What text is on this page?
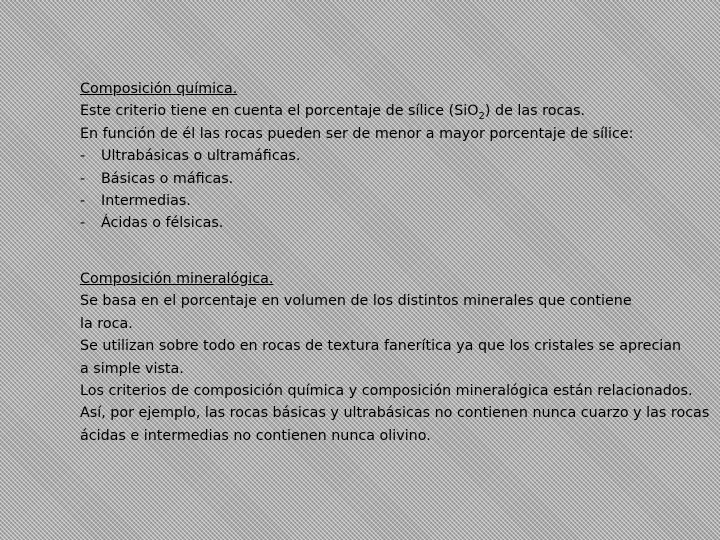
Composición química.
Este criterio tiene en cuenta el porcentaje de sílice (SiO$_2$) de las rocas.
En función de él las rocas pueden ser de menor a mayor porcentaje de sílice:
-	Ultrabásicas o ultramáficas.
-	Básicas o máficas.
-	Intermedias.
-	Ácidas o félsicas.
Composición mineralógica.
Se basa en el porcentaje en volumen de los distintos minerales que contiene
la roca.
Se utilizan sobre todo en rocas de textura fanerítica ya que los cristales se aprecian
a simple vista.
Los criterios de composición química y composición mineralógica están relacionados.
Así, por ejemplo, las rocas básicas y ultrabásicas no contienen nunca cuarzo y las rocas
ácidas e intermedias no contienen nunca olivino.
